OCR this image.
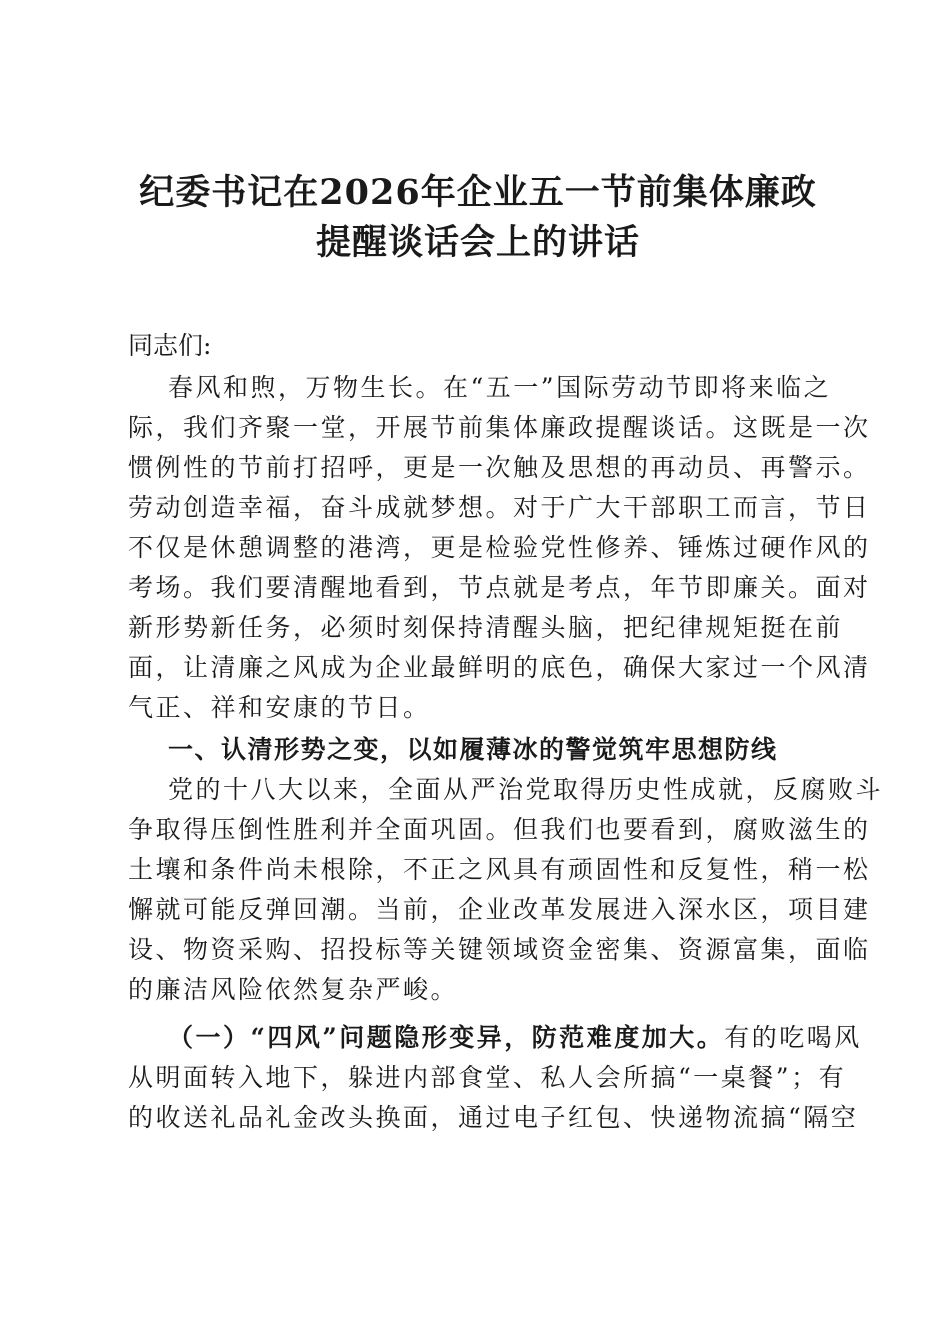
纪委书记在2026年企业五一节前集体廉政
提醒谈话会上的讲话
同志们:
春风和煦，万物生长。在“五一”国际劳动节即将来临之
际，我们齐聚一堂，开展节前集体廉政提醒谈话。这既是一次
惯例性的节前打招呼，更是一次触及思想的再动员、再警示。
劳动创造幸福，奋斗成就梦想。对于广大干部职工而言，节日
不仅是休憩调整的港湾，更是检验党性修养、锤炼过硬作风的
考场。我们要清醒地看到，节点就是考点，年节即廉关。面对
新形势新任务，必须时刻保持清醒头脑，把纪律规矩挺在前
面，让清廉之风成为企业最鲜明的底色，确保大家过一个风清
气正、祥和安康的节日。
一、认清形势之变，以如履薄冰的警觉筑牢思想防线
党的十八大以来，全面从严治党取得历史性成就，反腐败斗
争取得压倒性胜利并全面巩固。但我们也要看到，腐败滋生的
土壤和条件尚未根除，不正之风具有顽固性和反复性，稍一松
懈就可能反弹回潮。当前，企业改革发展进入深水区，项目建
设、物资采购、招投标等关键领域资金密集、资源富集，面临
的廉洁风险依然复杂严峻。
（一）“四风”问题隐形变异，防范难度加大。有的吃喝风
从明面转入地下，躲进内部食堂、私人会所搞“一桌餐”；有
的收送礼品礼金改头换面，通过电子红包、快递物流搞“隔空
